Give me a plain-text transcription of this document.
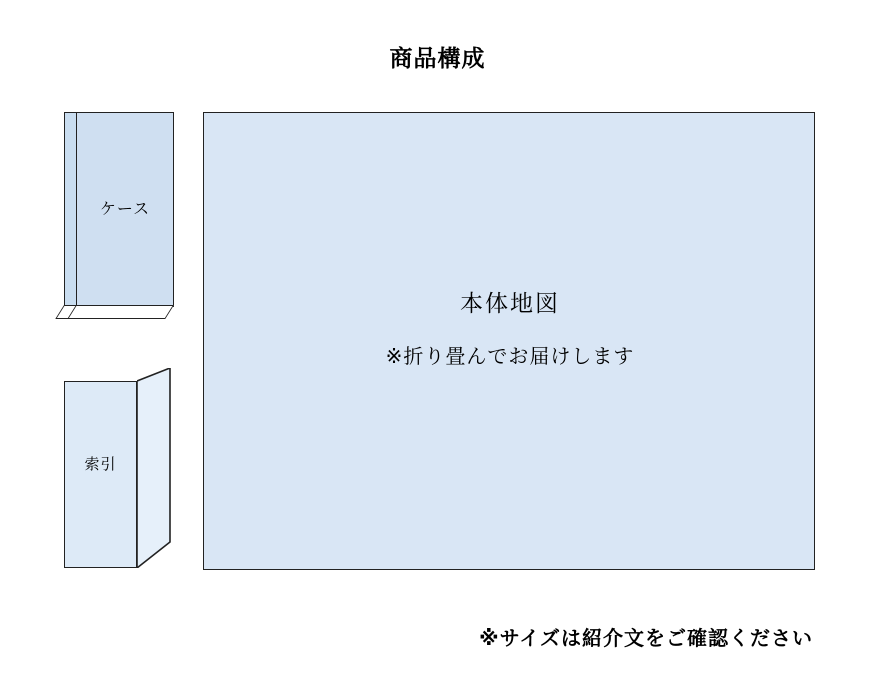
商品構成
ケース
索引
本体地図
※折り畳んでお届けします
※サイズは紹介文をご確認ください
